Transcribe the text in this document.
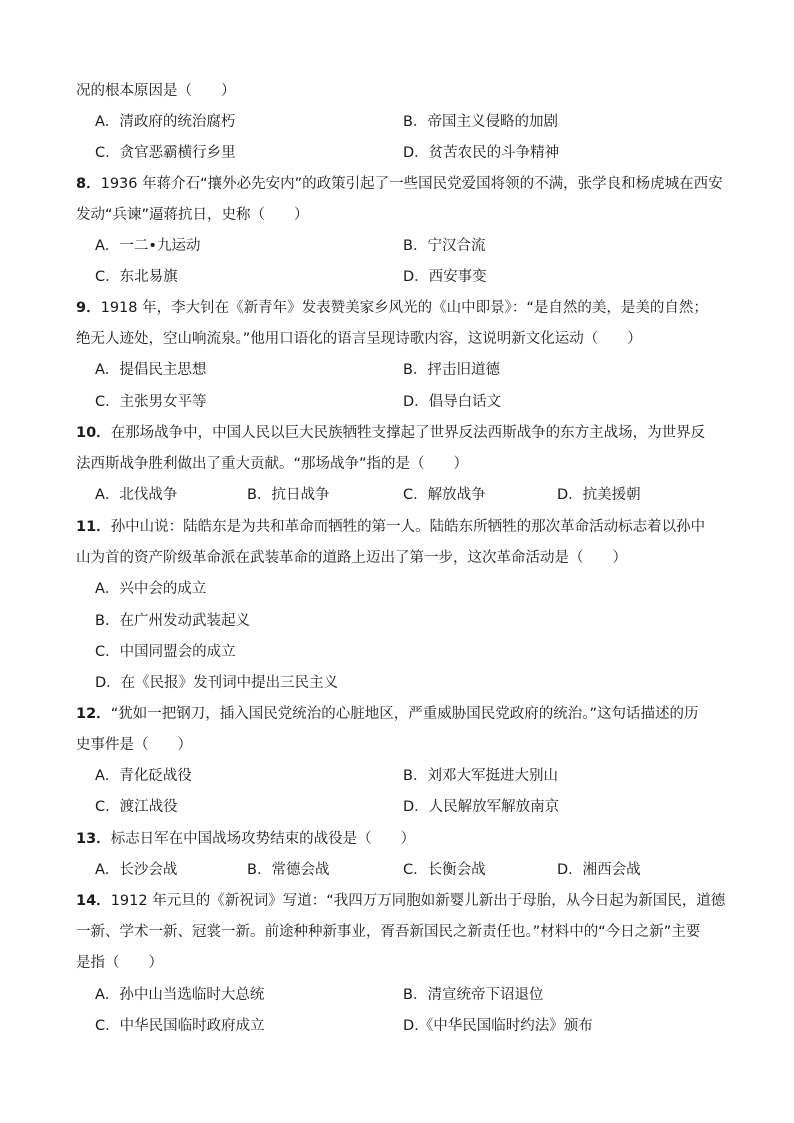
况的根本原因是（　　）
A．清政府的统治腐朽	B．帝国主义侵略的加剧
C．贪官恶霸横行乡里	D．贫苦农民的斗争精神
8．1936 年蒋介石“攘外必先安内”的政策引起了一些国民党爱国将领的不满，张学良和杨虎城在西安
发动“兵谏”逼蒋抗日，史称（　　）
A．一二•九运动	B．宁汉合流
C．东北易旗	D．西安事变
9．1918 年，李大钊在《新青年》发表赞美家乡风光的《山中即景》：“是自然的美，是美的自然；
绝无人迹处，空山响流泉。”他用口语化的语言呈现诗歌内容，这说明新文化运动（　　）
A．提倡民主思想	B．抨击旧道德
C．主张男女平等	D．倡导白话文
10．在那场战争中，中国人民以巨大民族牺牲支撑起了世界反法西斯战争的东方主战场，为世界反
法西斯战争胜利做出了重大贡献。“那场战争”指的是（　　）
A．北伐战争	B．抗日战争	C．解放战争	D．抗美援朝
11．孙中山说：陆皓东是为共和革命而牺牲的第一人。陆皓东所牺牲的那次革命活动标志着以孙中
山为首的资产阶级革命派在武装革命的道路上迈出了第一步，这次革命活动是（　　）
A．兴中会的成立
B．在广州发动武装起义
C．中国同盟会的成立
D．在《民报》发刊词中提出三民主义
12．“犹如一把钢刀，插入国民党统治的心脏地区，严重威胁国民党政府的统治。”这句话描述的历
史事件是（　　）
A．青化砭战役	B．刘邓大军挺进大别山
C．渡江战役	D．人民解放军解放南京
13．标志日军在中国战场攻势结束的战役是（　　）
A．长沙会战	B．常德会战	C．长衡会战	D．湘西会战
14．1912 年元旦的《新祝词》写道：“我四万万同胞如新婴儿新出于母胎，从今日起为新国民，道德
一新、学术一新、冠裳一新。前途种种新事业，胥吾新国民之新责任也。”材料中的“今日之新”主要
是指（　　）
A．孙中山当选临时大总统	B．清宣统帝下诏退位
C．中华民国临时政府成立	D.《中华民国临时约法》颁布
